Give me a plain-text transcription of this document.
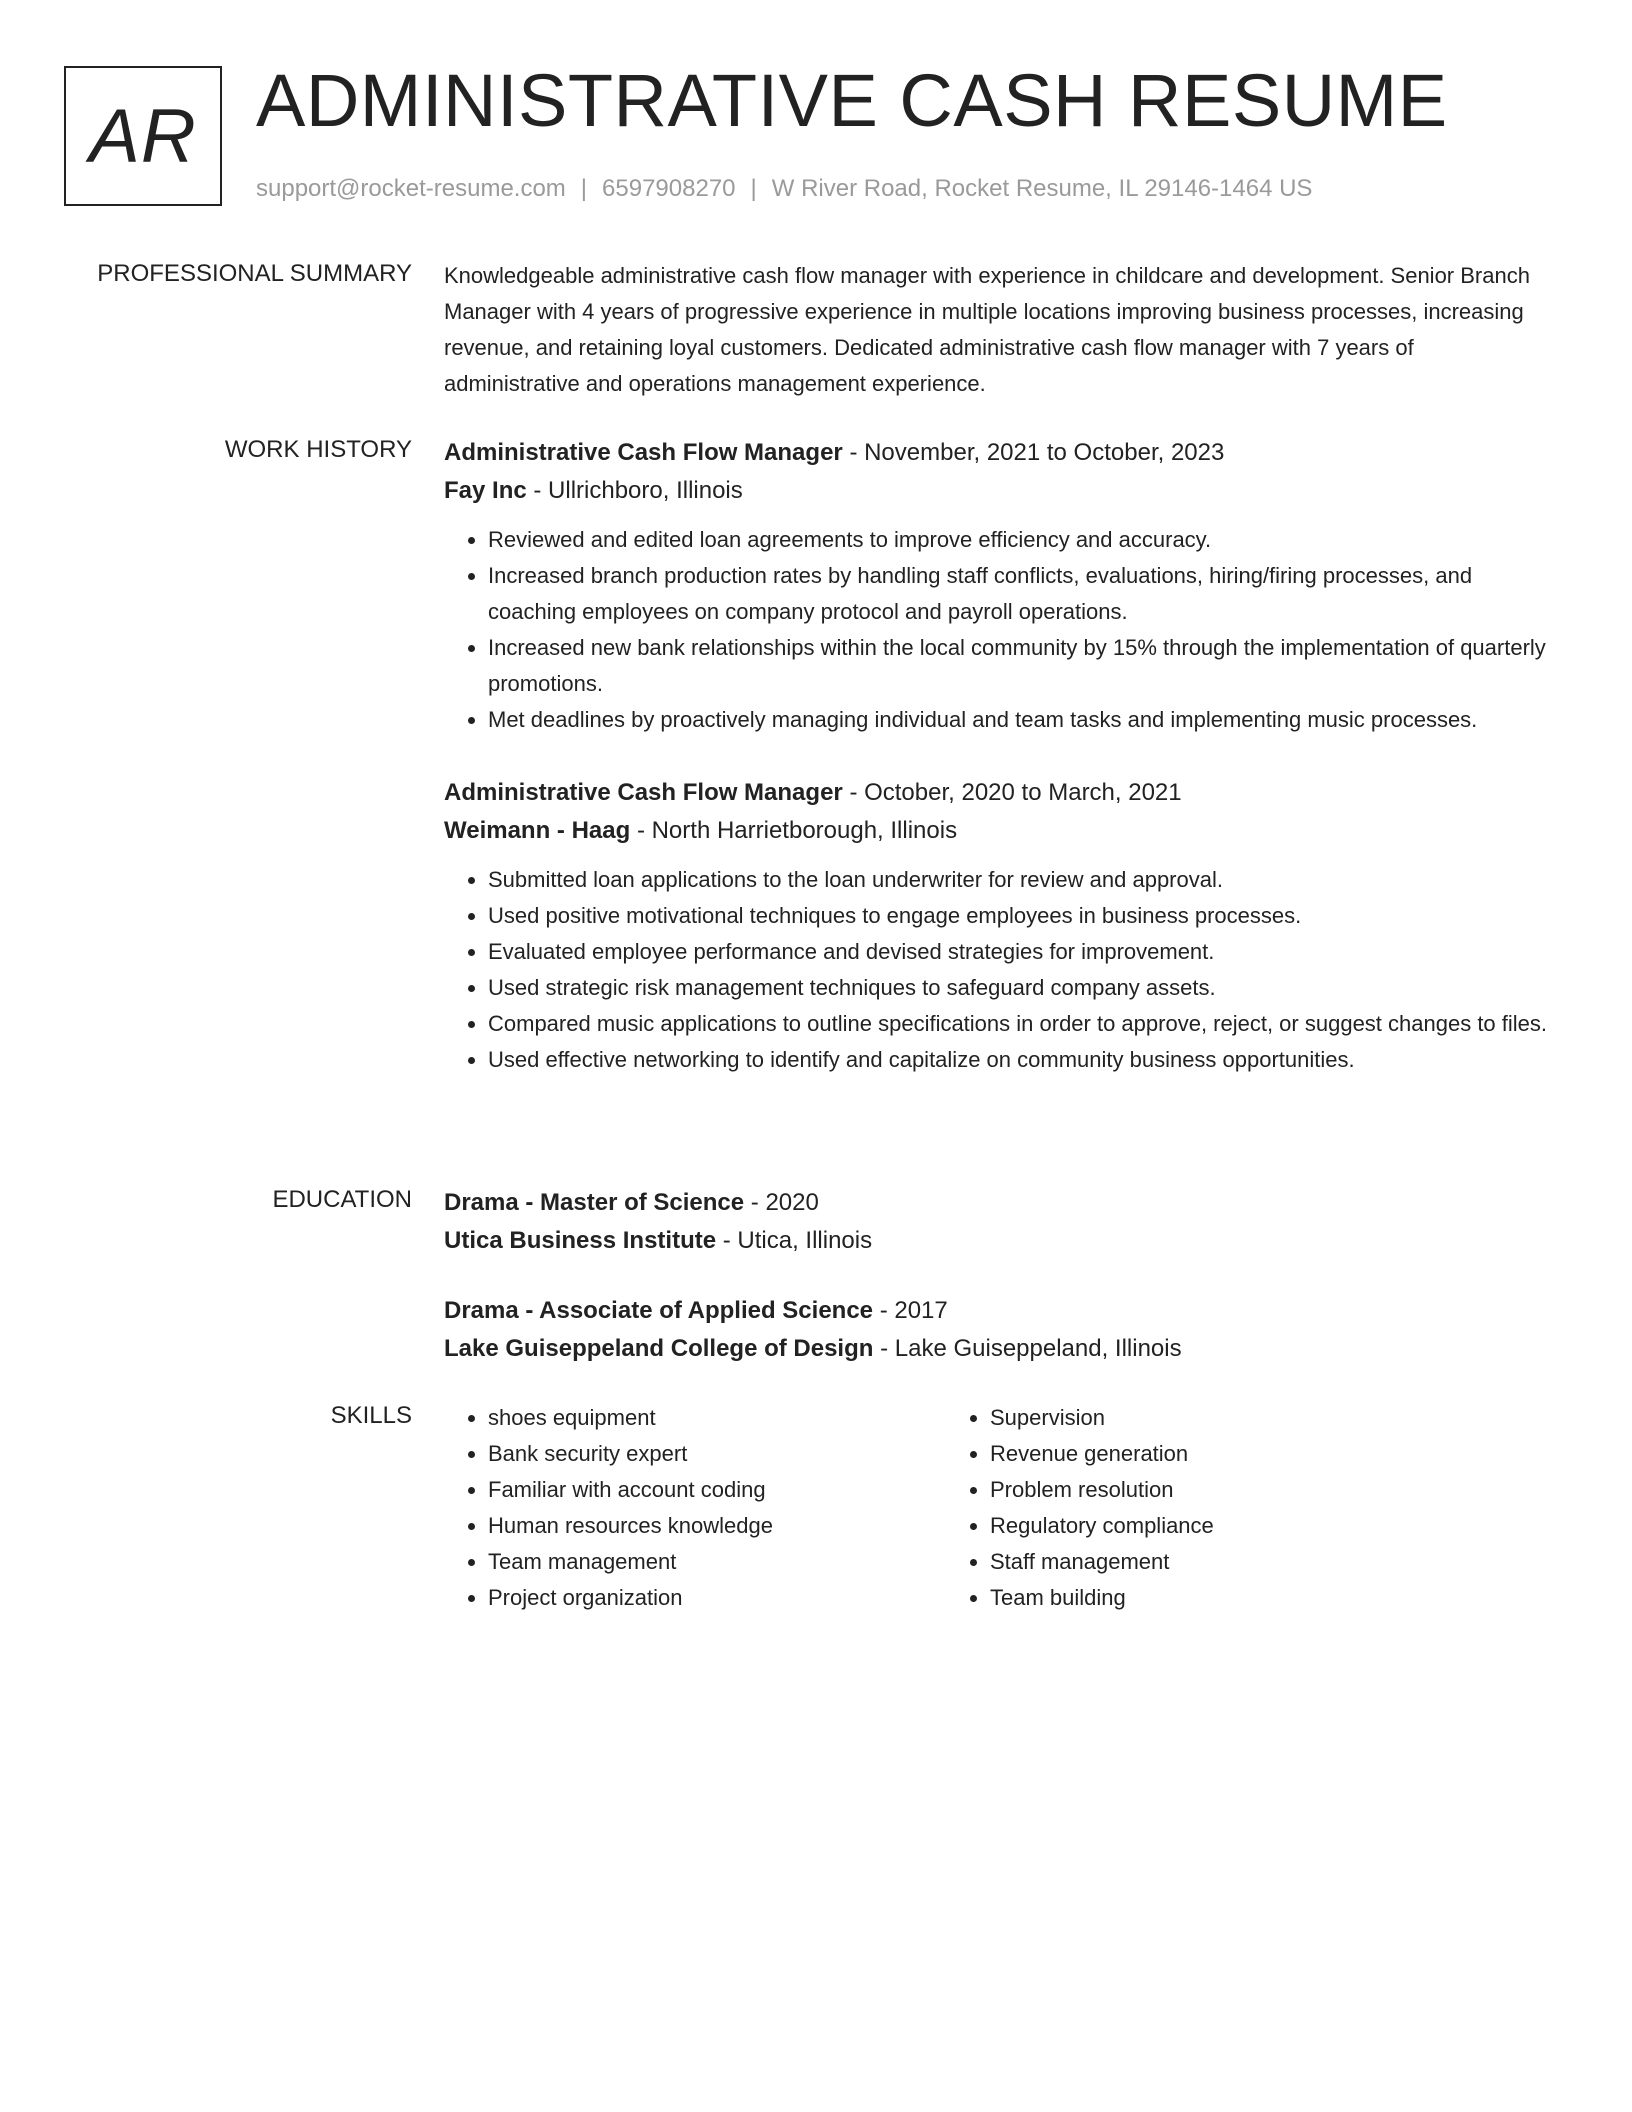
AR ADMINISTRATIVE CASH RESUME
support@rocket-resume.com | 6597908270 | W River Road, Rocket Resume, IL 29146-1464 US
PROFESSIONAL SUMMARY Knowledgeable administrative cash flow manager with experience in childcare and development. Senior Branch Manager with 4 years of progressive experience in multiple locations improving business processes, increasing revenue, and retaining loyal customers. Dedicated administrative cash flow manager with 7 years of administrative and operations management experience.
WORK HISTORY Administrative Cash Flow Manager - November, 2021 to October, 2023
Fay Inc - Ullrichboro, Illinois
• Reviewed and edited loan agreements to improve efficiency and accuracy.
• Increased branch production rates by handling staff conflicts, evaluations, hiring/firing processes, and coaching employees on company protocol and payroll operations.
• Increased new bank relationships within the local community by 15% through the implementation of quarterly promotions.
• Met deadlines by proactively managing individual and team tasks and implementing music processes.
Administrative Cash Flow Manager - October, 2020 to March, 2021
Weimann - Haag - North Harrietborough, Illinois
• Submitted loan applications to the loan underwriter for review and approval.
• Used positive motivational techniques to engage employees in business processes.
• Evaluated employee performance and devised strategies for improvement.
• Used strategic risk management techniques to safeguard company assets.
• Compared music applications to outline specifications in order to approve, reject, or suggest changes to files.
• Used effective networking to identify and capitalize on community business opportunities.
EDUCATION Drama - Master of Science - 2020
Utica Business Institute - Utica, Illinois
Drama - Associate of Applied Science - 2017
Lake Guiseppeland College of Design - Lake Guiseppeland, Illinois
SKILLS
•	shoes equipment
• Bank security expert
• Familiar with account coding
• Human resources knowledge
• Team management
• Project organization
• Supervision
• Revenue generation
• Problem resolution
• Regulatory compliance
• Staff management
• Team building
